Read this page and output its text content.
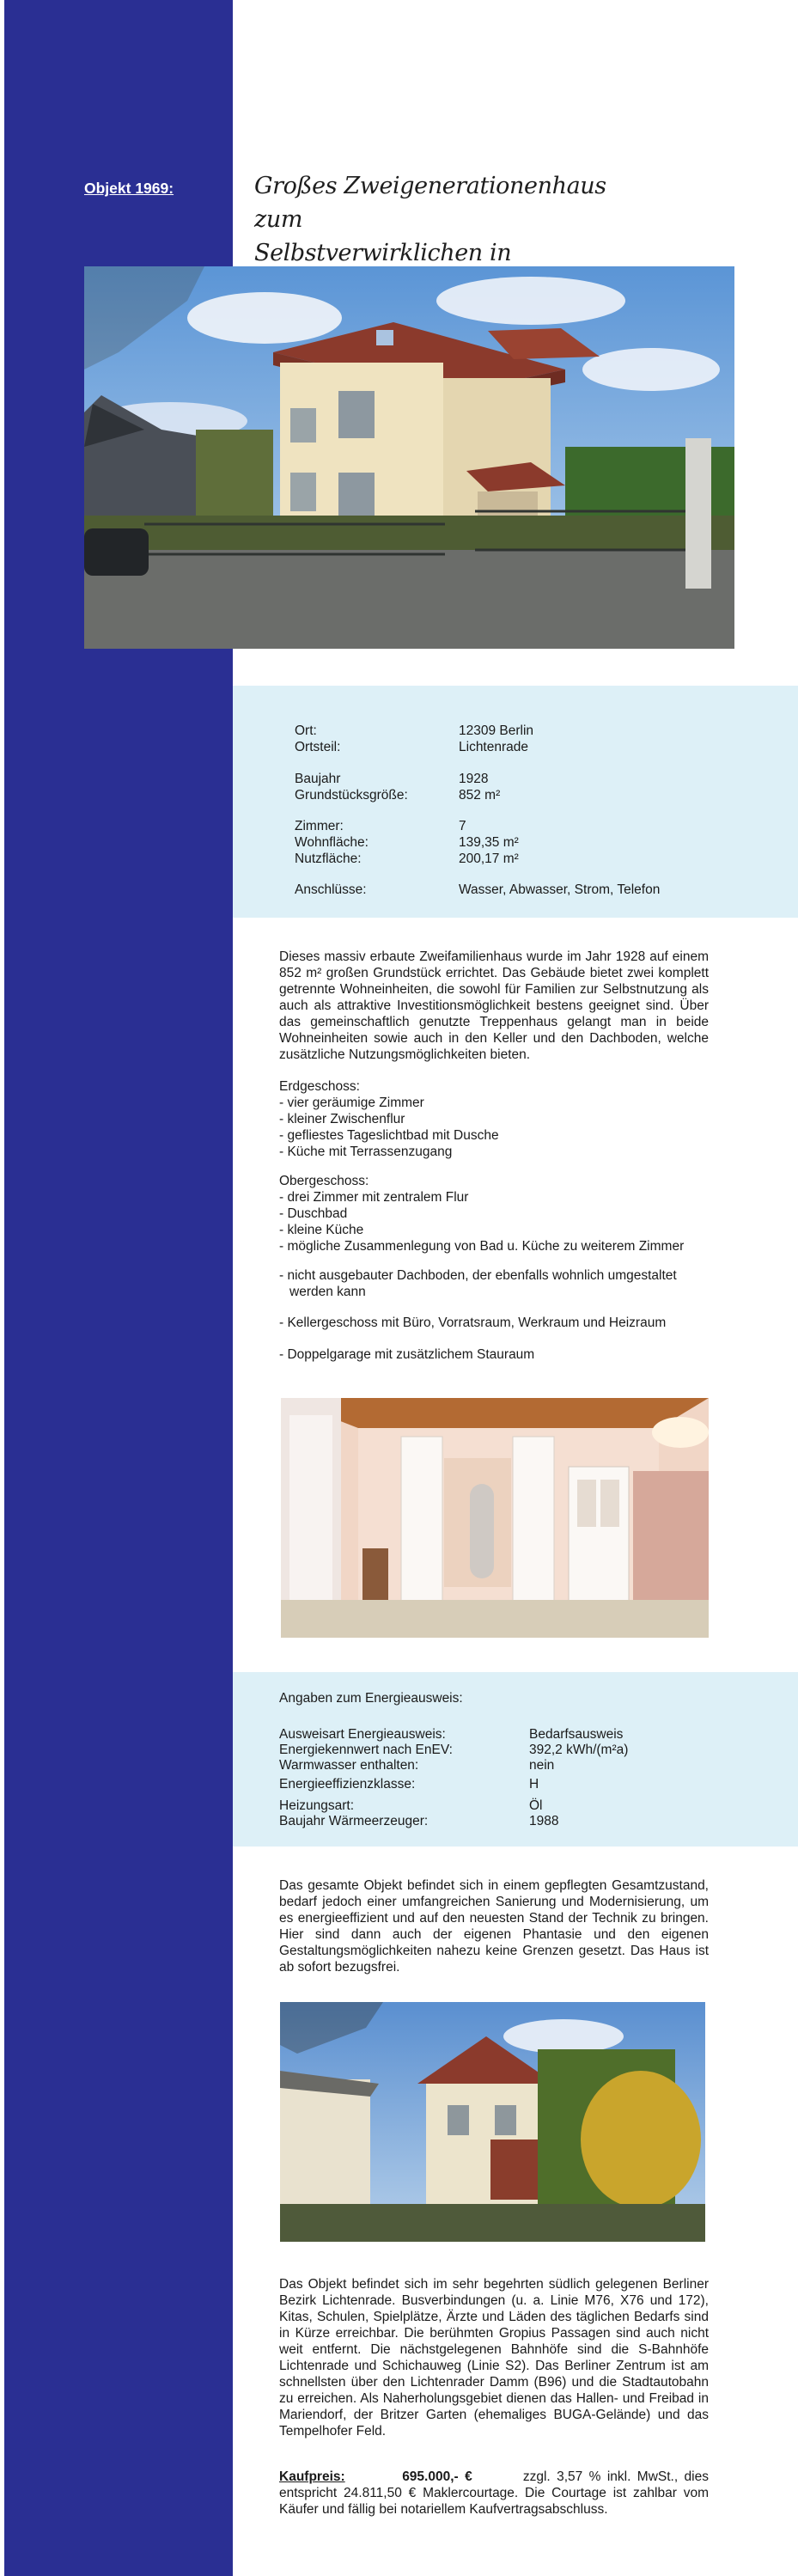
Objekt 1969:	Großes Zweigenerationenhaus zum
Selbstverwirklichen in
Ort:	12309 Berlin
Ortsteil:	Lichtenrade
Baujahr	1928
Grundstücksgröße:	852 m²
Zimmer:	7
Wohnfläche:	139,35 m²
Nutzfläche:	200,17 m²
Anschlüsse:	Wasser, Abwasser, Strom, Telefon
Dieses massiv erbaute Zweifamilienhaus wurde im Jahr 1928 auf einem 852 m² großen Grundstück errichtet. Das Gebäude bietet zwei komplett getrennte Wohneinheiten, die sowohl für Familien zur Selbstnutzung als auch als attraktive Investitionsmöglichkeit bestens geeignet sind. Über das gemeinschaftlich genutzte Treppenhaus gelangt man in beide Wohneinheiten sowie auch in den Keller und den Dachboden, welche zusätzliche Nutzungsmöglichkeiten bieten.
Erdgeschoss:
- vier geräumige Zimmer
- kleiner Zwischenflur
- gefliestes Tageslichtbad mit Dusche
- Küche mit Terrassenzugang
Obergeschoss:
- drei Zimmer mit zentralem Flur
- Duschbad
- kleine Küche
- mögliche Zusammenlegung von Bad u. Küche zu weiterem Zimmer
- nicht ausgebauter Dachboden, der ebenfalls wohnlich umgestaltet
werden kann
- Kellergeschoss mit Büro, Vorratsraum, Werkraum und Heizraum
- Doppelgarage mit zusätzlichem Stauraum
Angaben zum Energieausweis:
Ausweisart Energieausweis:	Bedarfsausweis
Energiekennwert nach EnEV:	392,2 kWh/(m²a)
Warmwasser enthalten:	nein
Energieeffizienzklasse:	H
Heizungsart:	Öl
Baujahr Wärmeerzeuger:	1988
Das gesamte Objekt befindet sich in einem gepflegten Gesamtzustand, bedarf jedoch einer umfangreichen Sanierung und Modernisierung, um es energieeffizient und auf den neuesten Stand der Technik zu bringen. Hier sind dann auch der eigenen Phantasie und den eigenen Gestaltungsmöglichkeiten nahezu keine Grenzen gesetzt. Das Haus ist ab sofort bezugsfrei.
Das Objekt befindet sich im sehr begehrten südlich gelegenen Berliner Bezirk Lichtenrade. Busverbindungen (u. a. Linie M76, X76 und 172), Kitas, Schulen, Spielplätze, Ärzte und Läden des täglichen Bedarfs sind in Kürze erreichbar. Die berühmten Gropius Passagen sind auch nicht weit entfernt. Die nächstgelegenen Bahnhöfe sind die S-Bahnhöfe Lichtenrade und Schichauweg (Linie S2). Das Berliner Zentrum ist am schnellsten über den Lichtenrader Damm (B96) und die Stadtautobahn zu erreichen. Als Naherholungsgebiet dienen das Hallen- und Freibad in Mariendorf, der Britzer Garten (ehemaliges BUGA-Gelände) und das Tempelhofer Feld.
Kaufpreis:	695.000,- €	zzgl. 3,57 % inkl. MwSt., dies entspricht 24.811,50 € Maklercourtage. Die Courtage ist zahlbar vom Käufer und fällig bei notariellem Kaufvertragsabschluss.
